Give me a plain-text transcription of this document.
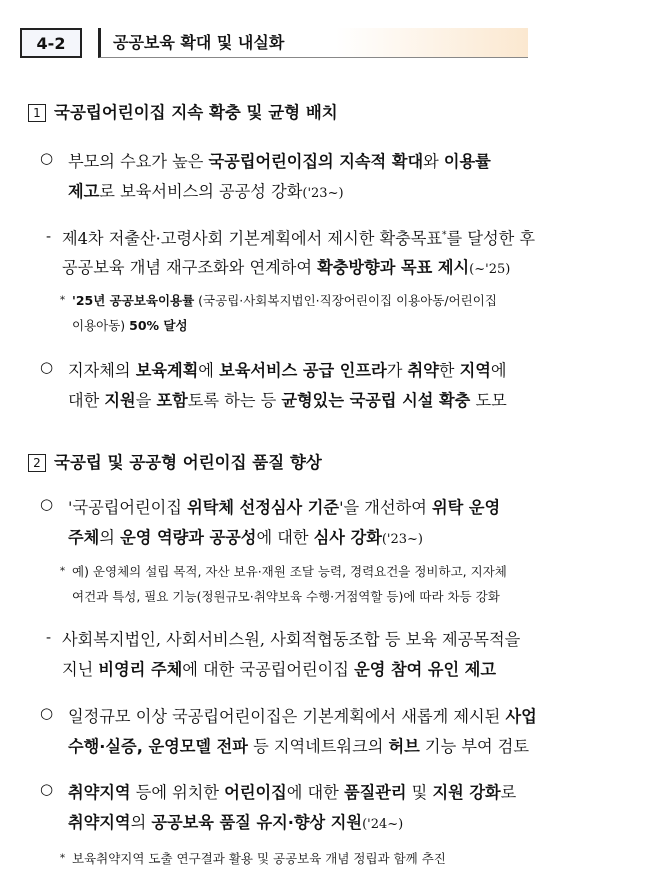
4-2	공공보육 확대 및 내실화
1 국공립어린이집 지속 확충 및 균형 배치
○ 부모의 수요가 높은 국공립어린이집의 지속적 확대와 이용률
제고로 보육서비스의 공공성 강화('23~)
- 제4차 저출산·고령사회 기본계획에서 제시한 확충목표*를 달성한 후
공공보육 개념 재구조화와 연계하여 확충방향과 목표 제시(~'25)
* '25년 공공보육이용률 (국공립·사회복지법인·직장어린이집 이용아동/어린이집
이용아동) 50% 달성
○ 지자체의 보육계획에 보육서비스 공급 인프라가 취약한 지역에
대한 지원을 포함토록 하는 등 균형있는 국공립 시설 확충 도모
2 국공립 및 공공형 어린이집 품질 향상
○ '국공립어린이집 위탁체 선정심사 기준'을 개선하여 위탁 운영
주체의 운영 역량과 공공성에 대한 심사 강화('23~)
* 예) 운영체의 설립 목적, 자산 보유·재원 조달 능력, 경력요건을 정비하고, 지자체
여건과 특성, 필요 기능(정원규모·취약보육 수행·거점역할 등)에 따라 차등 강화
- 사회복지법인, 사회서비스원, 사회적협동조합 등 보육 제공목적을
지닌 비영리 주체에 대한 국공립어린이집 운영 참여 유인 제고
○ 일정규모 이상 국공립어린이집은 기본계획에서 새롭게 제시된 사업
수행·실증, 운영모델 전파 등 지역네트워크의 허브 기능 부여 검토
○ 취약지역 등에 위치한 어린이집에 대한 품질관리 및 지원 강화로
취약지역의 공공보육 품질 유지·향상 지원('24~)
* 보육취약지역 도출 연구결과 활용 및 공공보육 개념 정립과 함께 추진
